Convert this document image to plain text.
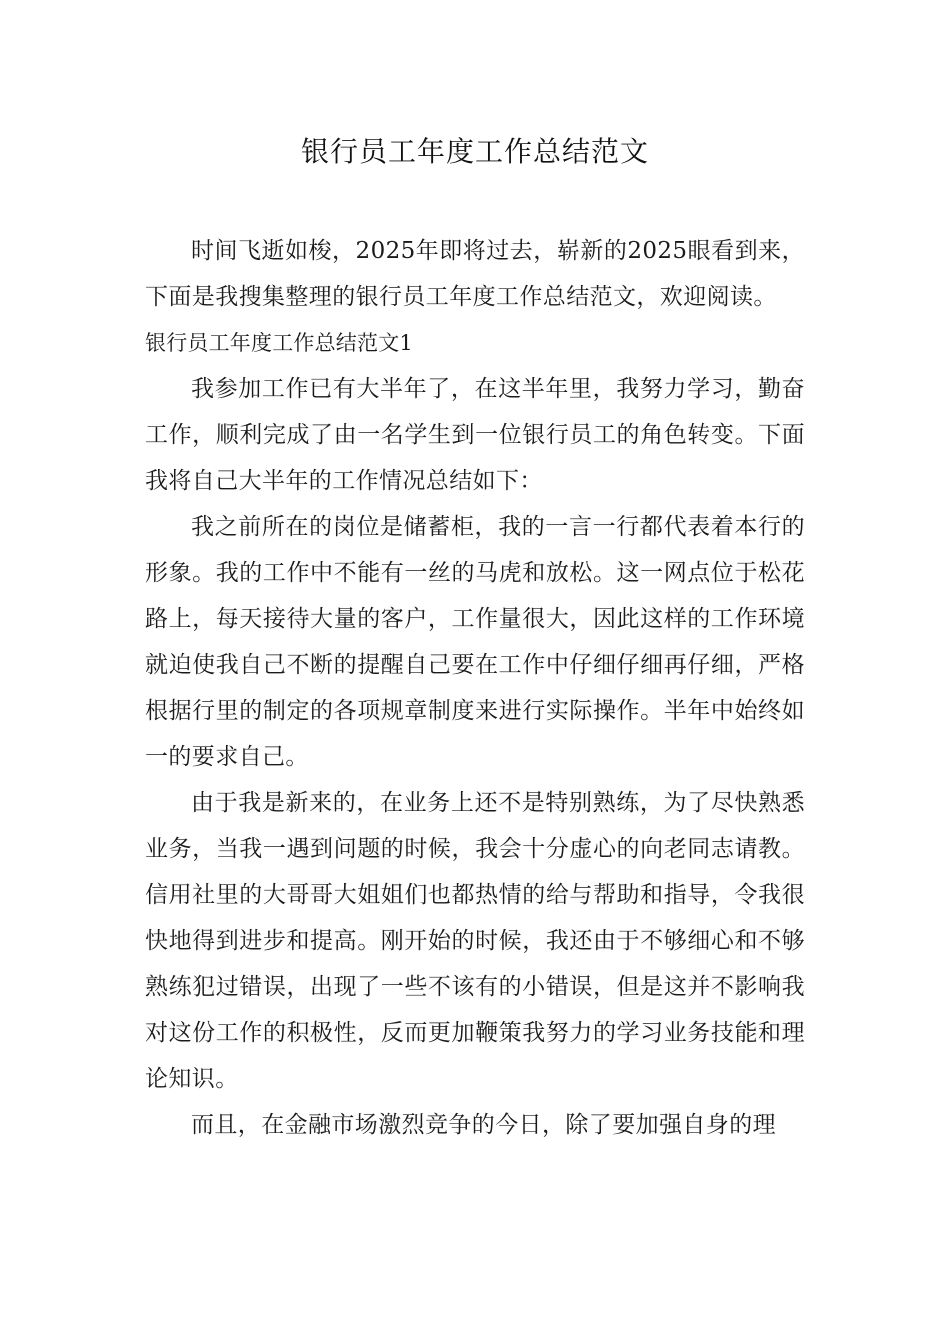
银行员工年度工作总结范文

时间飞逝如梭，2025年即将过去，崭新的2025眼看到来，下面是我搜集整理的银行员工年度工作总结范文，欢迎阅读。

银行员工年度工作总结范文1

我参加工作已有大半年了，在这半年里，我努力学习，勤奋工作，顺利完成了由一名学生到一位银行员工的角色转变。下面我将自己大半年的工作情况总结如下：

我之前所在的岗位是储蓄柜，我的一言一行都代表着本行的形象。我的工作中不能有一丝的马虎和放松。这一网点位于松花路上，每天接待大量的客户，工作量很大，因此这样的工作环境就迫使我自己不断的提醒自己要在工作中仔细仔细再仔细，严格根据行里的制定的各项规章制度来进行实际操作。半年中始终如一的要求自己。

由于我是新来的，在业务上还不是特别熟练，为了尽快熟悉业务，当我一遇到问题的时候，我会十分虚心的向老同志请教。信用社里的大哥哥大姐姐们也都热情的给与帮助和指导，令我很快地得到进步和提高。刚开始的时候，我还由于不够细心和不够熟练犯过错误，出现了一些不该有的小错误，但是这并不影响我对这份工作的积极性，反而更加鞭策我努力的学习业务技能和理论知识。

而且，在金融市场激烈竞争的今日，除了要加强自身的理
